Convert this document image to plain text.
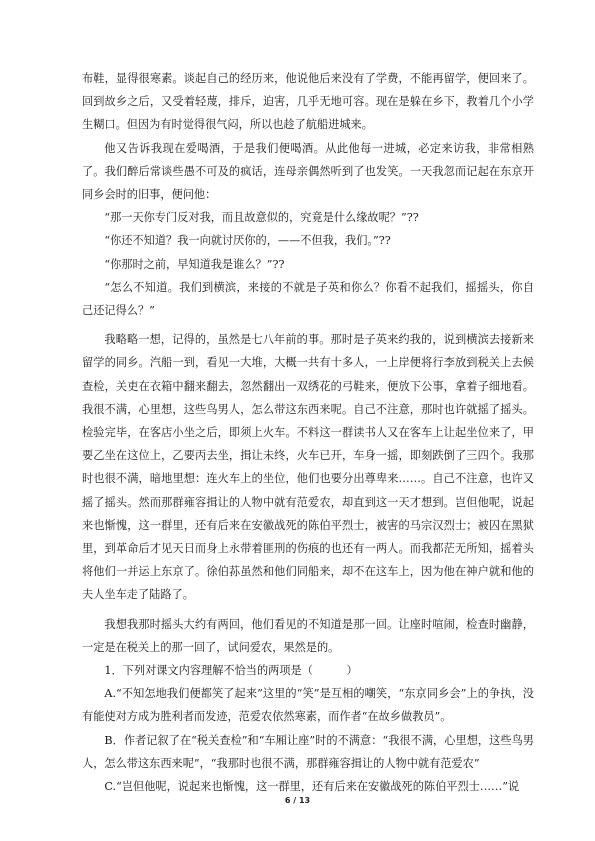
布鞋，显得很寒素。谈起自己的经历来，他说他后来没有了学费，不能再留学，便回来了。回到故乡之后，又受着轻蔑，排斥，迫害，几乎无地可容。现在是躲在乡下，教着几个小学生糊口。但因为有时觉得很气闷，所以也趁了航船进城来。

他又告诉我现在爱喝酒，于是我们便喝酒。从此他每一进城，必定来访我，非常相熟了。我们醉后常谈些愚不可及的疯话，连母亲偶然听到了也发笑。一天我忽而记起在东京开同乡会时的旧事，便问他：

“那一天你专门反对我，而且故意似的，究竟是什么缘故呢？”??

“你还不知道？我一向就讨厌你的，——不但我，我们。”??

“你那时之前，早知道我是谁么？”??

“怎么不知道。我们到横滨，来接的不就是子英和你么？你看不起我们，摇摇头，你自己还记得么？”

我略略一想，记得的，虽然是七八年前的事。那时是子英来约我的，说到横滨去接新来留学的同乡。汽船一到，看见一大堆，大概一共有十多人，一上岸便将行李放到税关上去候查检，关吏在衣箱中翻来翻去，忽然翻出一双绣花的弓鞋来，便放下公事，拿着子细地看。我很不满，心里想，这些鸟男人，怎么带这东西来呢。自己不注意，那时也许就摇了摇头。检验完毕，在客店小坐之后，即须上火车。不料这一群读书人又在客车上让起坐位来了，甲要乙坐在这位上，乙要丙去坐，揖让未终，火车已开，车身一摇，即刻跌倒了三四个。我那时也很不满，暗地里想：连火车上的坐位，他们也要分出尊卑来……。自己不注意，也许又摇了摇头。然而那群雍容揖让的人物中就有范爱农，却直到这一天才想到。岂但他呢，说起来也惭愧，这一群里，还有后来在安徽战死的陈伯平烈士，被害的马宗汉烈士；被囚在黑狱里，到革命后才见天日而身上永带着匪刑的伤痕的也还有一两人。而我都茫无所知，摇着头将他们一并运上东京了。徐伯荪虽然和他们同船来，却不在这车上，因为他在神户就和他的夫人坐车走了陆路了。

我想我那时摇头大约有两回，他们看见的不知道是那一回。让座时喧闹，检查时幽静，一定是在税关上的那一回了，试问爱农，果然是的。

1．下列对课文内容理解不恰当的两项是（　　　）

A.“不知怎地我们便都笑了起来”这里的“笑”是互相的嘲笑，“东京同乡会”上的争执，没有能使对方成为胜利者而发迹，范爱农依然寒素，而作者“在故乡做教员”。

B．作者记叙了在“税关查检”和“车厢让座”时的不满意：“我很不满，心里想，这些鸟男人，怎么带这东西来呢”，“我那时也很不满，那群雍容揖让的人物中就有范爱农”

C.“岂但他呢，说起来也惭愧，这一群里，还有后来在安徽战死的陈伯平烈士……”说

6 / 13
